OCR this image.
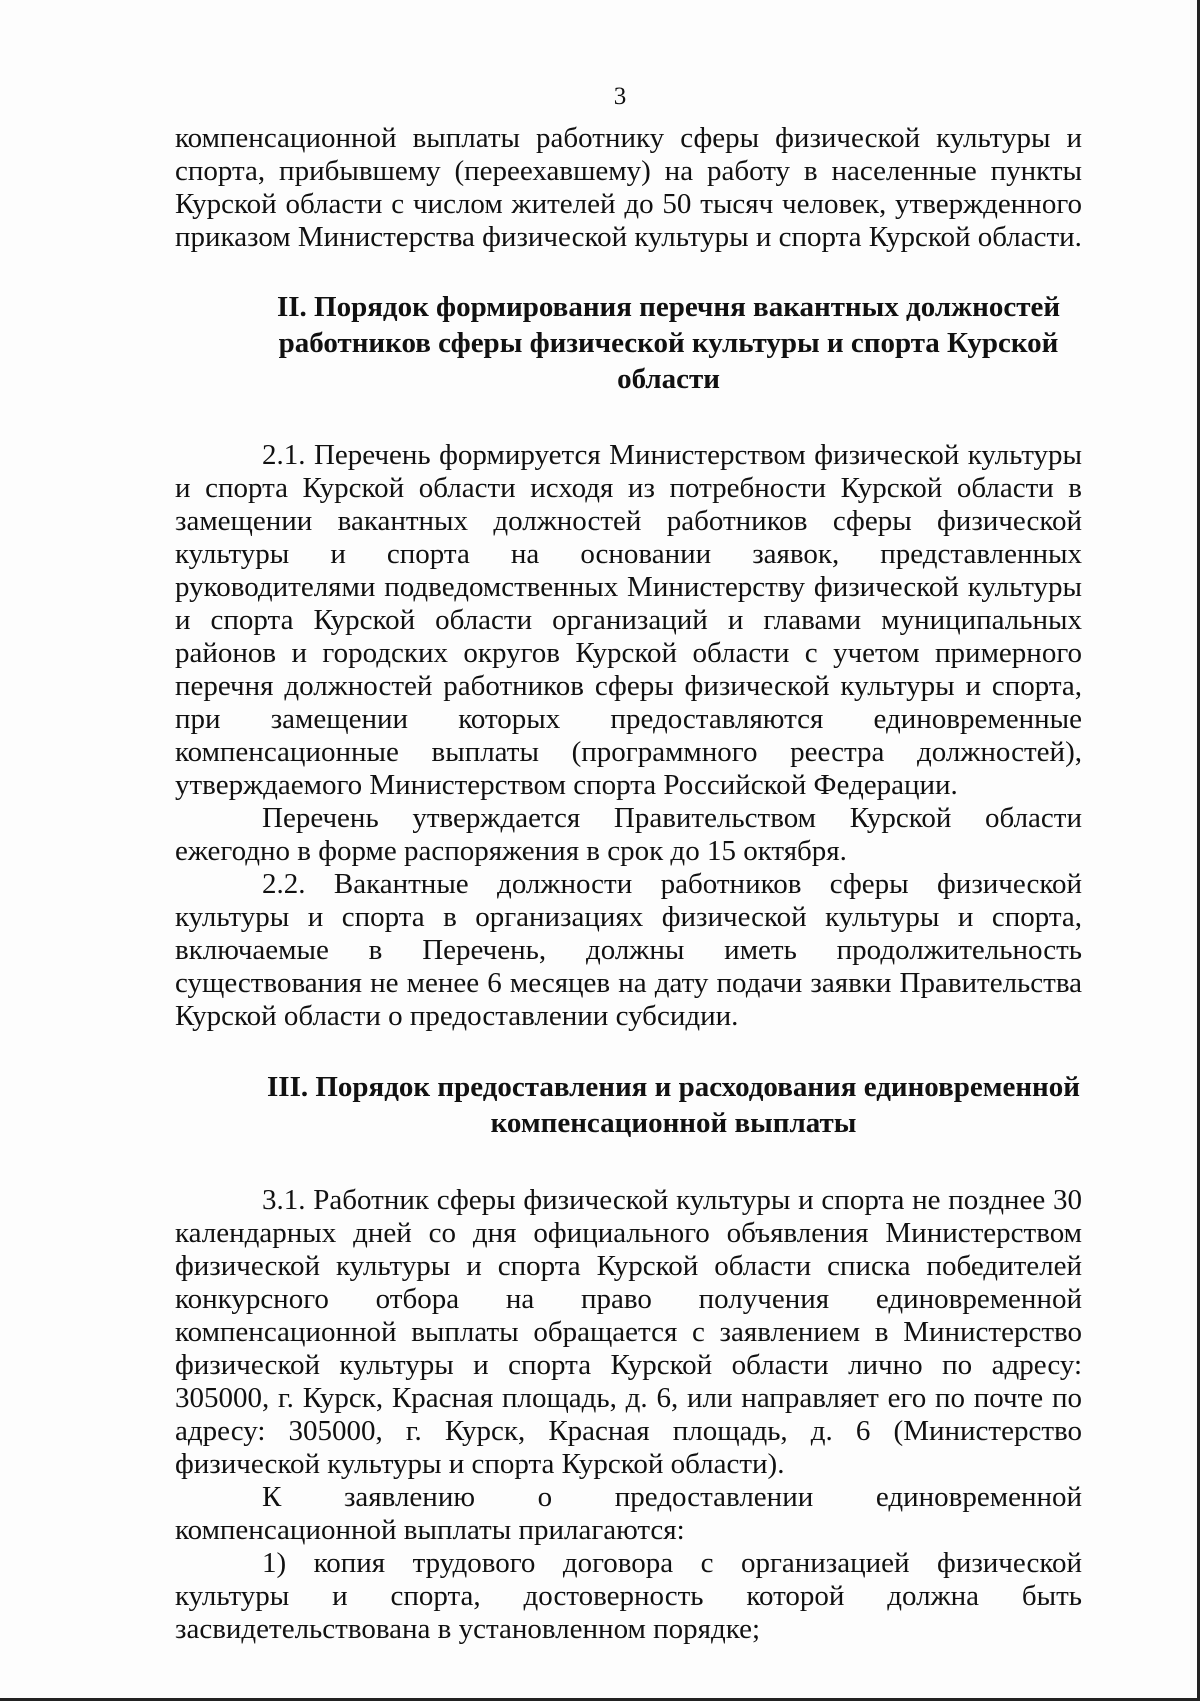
3

компенсационной выплаты работнику сферы физической культуры и спорта, прибывшему (переехавшему) на работу в населенные пункты Курской области с числом жителей до 50 тысяч человек, утвержденного приказом Министерства физической культуры и спорта Курской области.

II. Порядок формирования перечня вакантных должностей работников сферы физической культуры и спорта Курской области

2.1. Перечень формируется Министерством физической культуры и спорта Курской области исходя из потребности Курской области в замещении вакантных должностей работников сферы физической культуры и спорта на основании заявок, представленных руководителями подведомственных Министерству физической культуры и спорта Курской области организаций и главами муниципальных районов и городских округов Курской области с учетом примерного перечня должностей работников сферы физической культуры и спорта, при замещении которых предоставляются единовременные компенсационные выплаты (программного реестра должностей), утверждаемого Министерством спорта Российской Федерации.

Перечень утверждается Правительством Курской области ежегодно в форме распоряжения в срок до 15 октября.

2.2. Вакантные должности работников сферы физической культуры и спорта в организациях физической культуры и спорта, включаемые в Перечень, должны иметь продолжительность существования не менее 6 месяцев на дату подачи заявки Правительства Курской области о предоставлении субсидии.

III. Порядок предоставления и расходования единовременной компенсационной выплаты

3.1. Работник сферы физической культуры и спорта не позднее 30 календарных дней со дня официального объявления Министерством физической культуры и спорта Курской области списка победителей конкурсного отбора на право получения единовременной компенсационной выплаты обращается с заявлением в Министерство физической культуры и спорта Курской области лично по адресу: 305000, г. Курск, Красная площадь, д. 6, или направляет его по почте по адресу: 305000, г. Курск, Красная площадь, д. 6 (Министерство физической культуры и спорта Курской области).

К заявлению о предоставлении единовременной компенсационной выплаты прилагаются:

1) копия трудового договора с организацией физической культуры и спорта, достоверность которой должна быть засвидетельствована в установленном порядке;
